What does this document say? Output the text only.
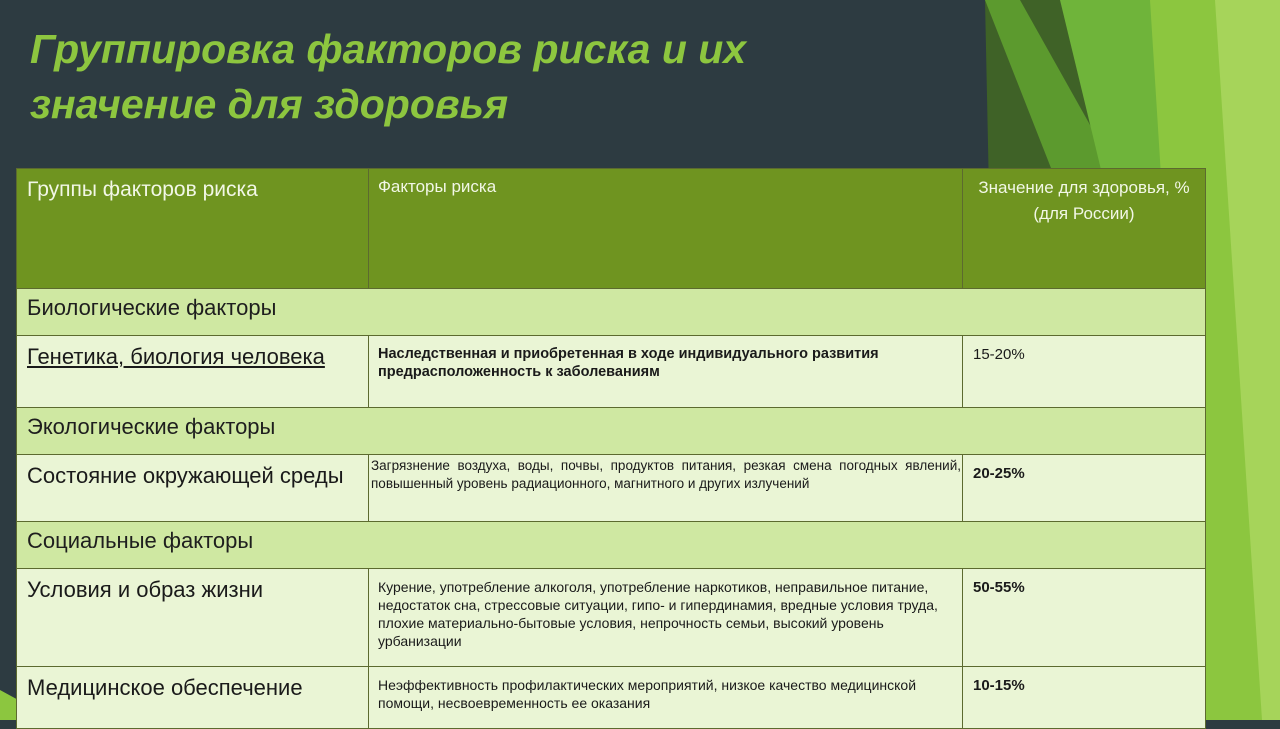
Группировка факторов риска и их значение для здоровья
Группы факторов риска	Факторы риска	Значение для здоровья, % (для России)
Биологические факторы		
Генетика, биология человека	Наследственная и приобретенная в ходе индивидуального развития предрасположенность к заболеваниям	15-20%
Экологические факторы		
Состояние окружающей среды	Загрязнение воздуха, воды, почвы, продуктов питания, резкая смена погодных явлений, повышенный уровень радиационного, магнитного и других излучений	20-25%
Социальные факторы		
Условия и образ жизни	Курение, употребление алкоголя, употребление наркотиков, неправильное питание, недостаток сна, стрессовые ситуации, гипо- и гипердинамия, вредные условия труда, плохие материально-бытовые условия, непрочность семьи, высокий уровень урбанизации	50-55%
Медицинское обеспечение	Неэффективность профилактических мероприятий, низкое качество медицинской помощи, несвоевременность ее оказания	10-15%
